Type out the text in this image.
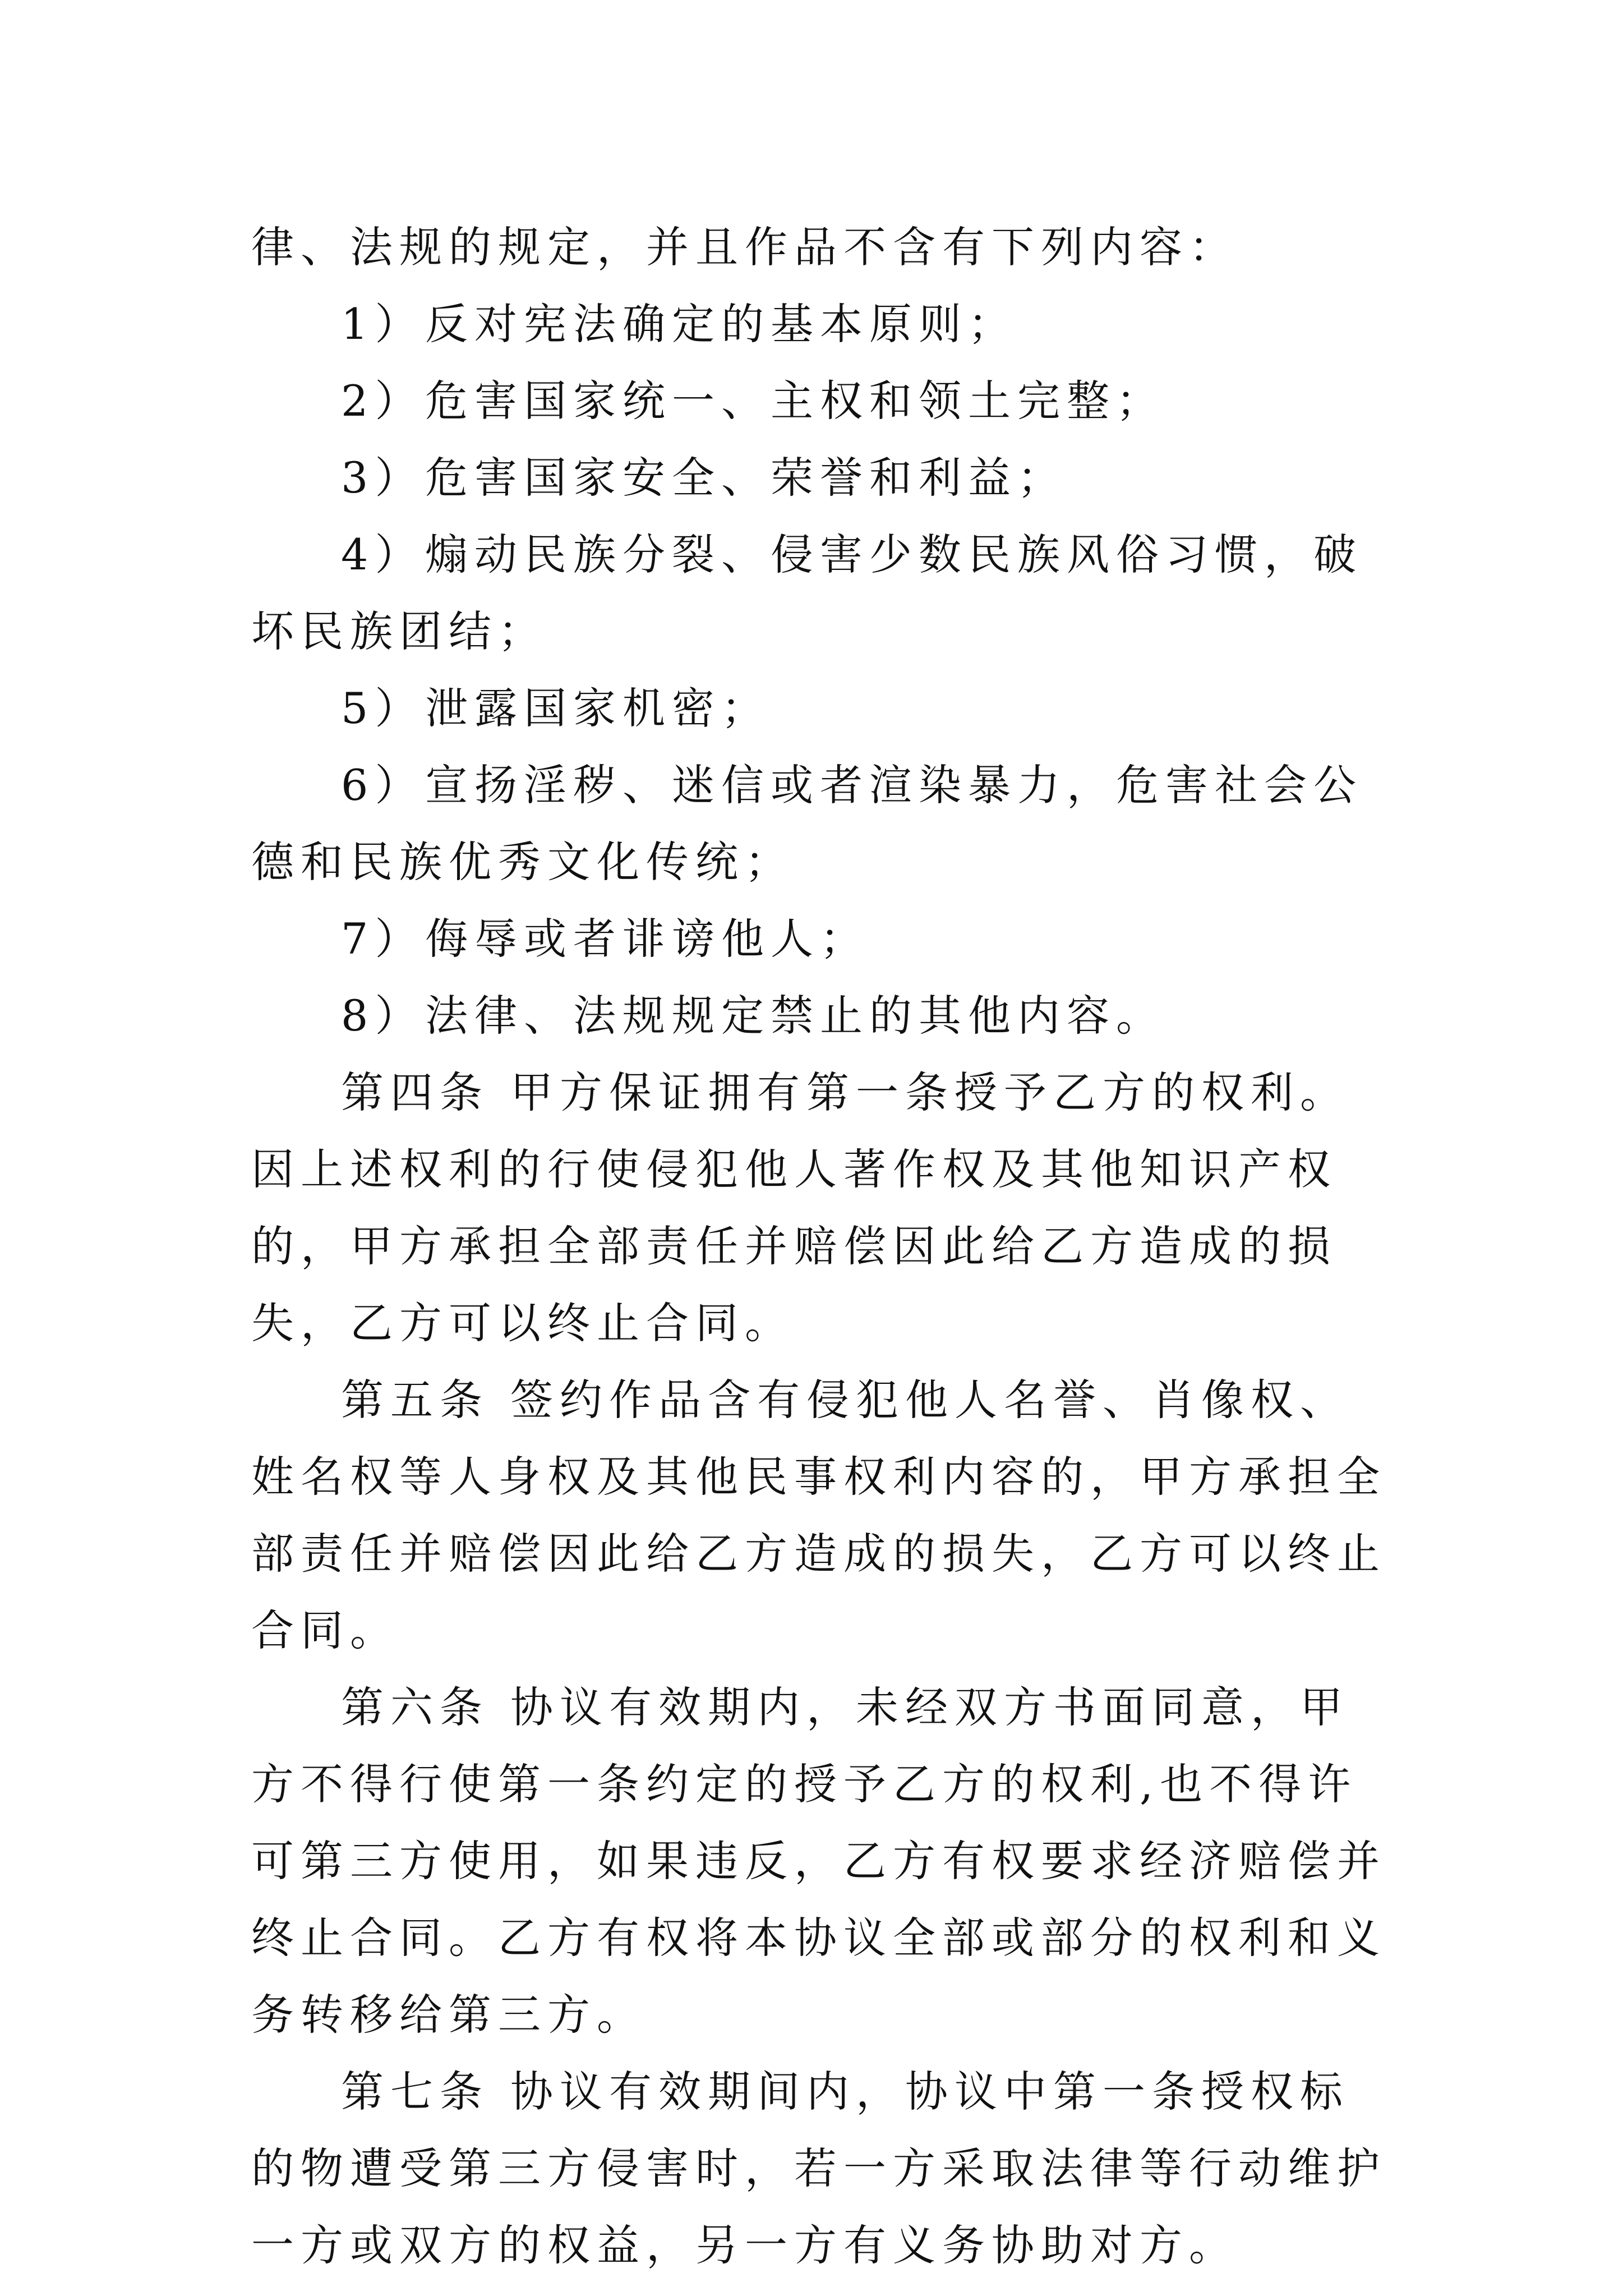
律、法规的规定，并且作品不含有下列内容：

1）反对宪法确定的基本原则；

2）危害国家统一、主权和领土完整；

3）危害国家安全、荣誉和利益；

4）煽动民族分裂、侵害少数民族风俗习惯，破坏民族团结；

5）泄露国家机密；

6）宣扬淫秽、迷信或者渲染暴力，危害社会公德和民族优秀文化传统；

7）侮辱或者诽谤他人；

8）法律、法规规定禁止的其他内容。

第四条 甲方保证拥有第一条授予乙方的权利。因上述权利的行使侵犯他人著作权及其他知识产权的，甲方承担全部责任并赔偿因此给乙方造成的损失，乙方可以终止合同。

第五条 签约作品含有侵犯他人名誉、肖像权、姓名权等人身权及其他民事权利内容的，甲方承担全部责任并赔偿因此给乙方造成的损失，乙方可以终止合同。

第六条 协议有效期内，未经双方书面同意，甲方不得行使第一条约定的授予乙方的权利,也不得许可第三方使用，如果违反，乙方有权要求经济赔偿并终止合同。乙方有权将本协议全部或部分的权利和义务转移给第三方。

第七条 协议有效期间内，协议中第一条授权标的物遭受第三方侵害时，若一方采取法律等行动维护一方或双方的权益，另一方有义务协助对方。
